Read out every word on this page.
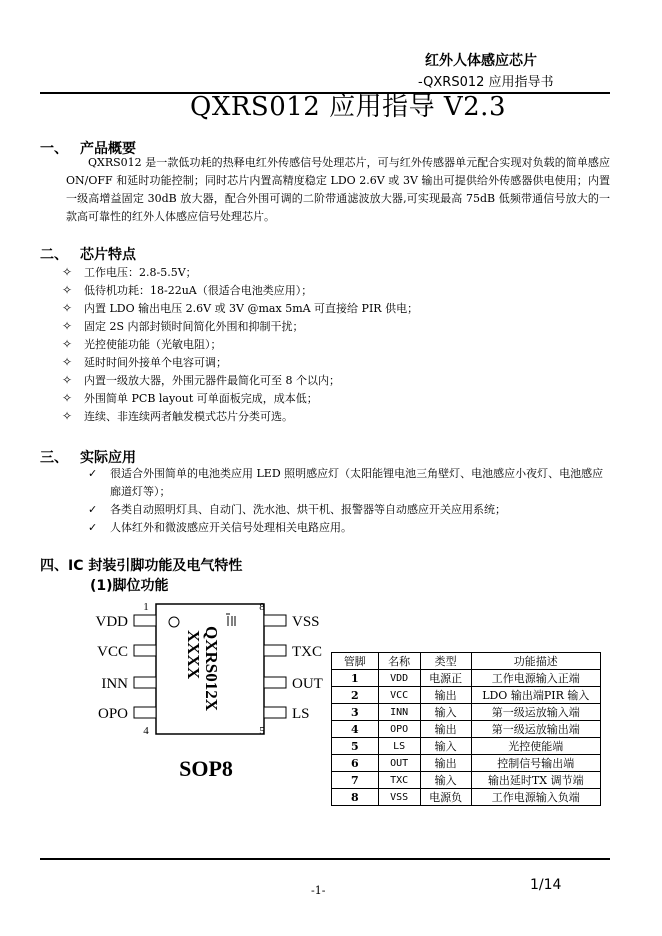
红外人体感应芯片
-QXRS012 应用指导书
QXRS012 应用指导 V2.3
一、 产品概要

QXRS012 是一款低功耗的热释电红外传感信号处理芯片，可与红外传感器单元配合实现对负载的简单感应 ON/OFF 和延时功能控制；同时芯片内置高精度稳定 LDO 2.6V 或 3V 输出可提供给外传感器供电使用；内置一级高增益固定 30dB 放大器，配合外围可调的二阶带通滤波放大器,可实现最高 75dB 低频带通信号放大的一款高可靠性的红外人体感应信号处理芯片。

二、 芯片特点
✧ 工作电压：2.8-5.5V；
✧ 低待机功耗：18-22uA（很适合电池类应用）；
✧ 内置 LDO 输出电压 2.6V 或 3V @max 5mA 可直接给 PIR 供电；
✧ 固定 2S 内部封锁时间简化外围和抑制干扰；
✧ 光控使能功能（光敏电阻）；
✧ 延时时间外接单个电容可调；
✧ 内置一级放大器，外围元器件最简化可至 8 个以内；
✧ 外围简单 PCB layout 可单面板完成，成本低；
✧ 连续、非连续两者触发模式芯片分类可选。
三、 实际应用
✓ 很适合外围简单的电池类应用 LED 照明感应灯（太阳能锂电池三角壁灯、电池感应小夜灯、电池感应廊道灯等）；
✓ 各类自动照明灯具、自动门、洗水池、烘干机、报警器等自动感应开关应用系统；
✓ 人体红外和微波感应开关信号处理相关电路应用。
四、IC 封装引脚功能及电气特性
(1)脚位功能
VDD
1
VCC
INN
OPO
4
VSS
8
TXC
OUT
LS
5
QXRS012X
XXXX
SOP8
管脚	名称	类型	功能描述
1	VDD	电源正	工作电源输入正端
2	VCC	输出	LDO 输出端PIR 输入
3	INN	输入	第一级运放输入端
4	OPO	输出	第一级运放输出端
5	LS	输入	光控使能端
6	OUT	输出	控制信号输出端
7	TXC	输入	输出延时TX 调节端
8	VSS	电源负	工作电源输入负端
-1-	1/14
